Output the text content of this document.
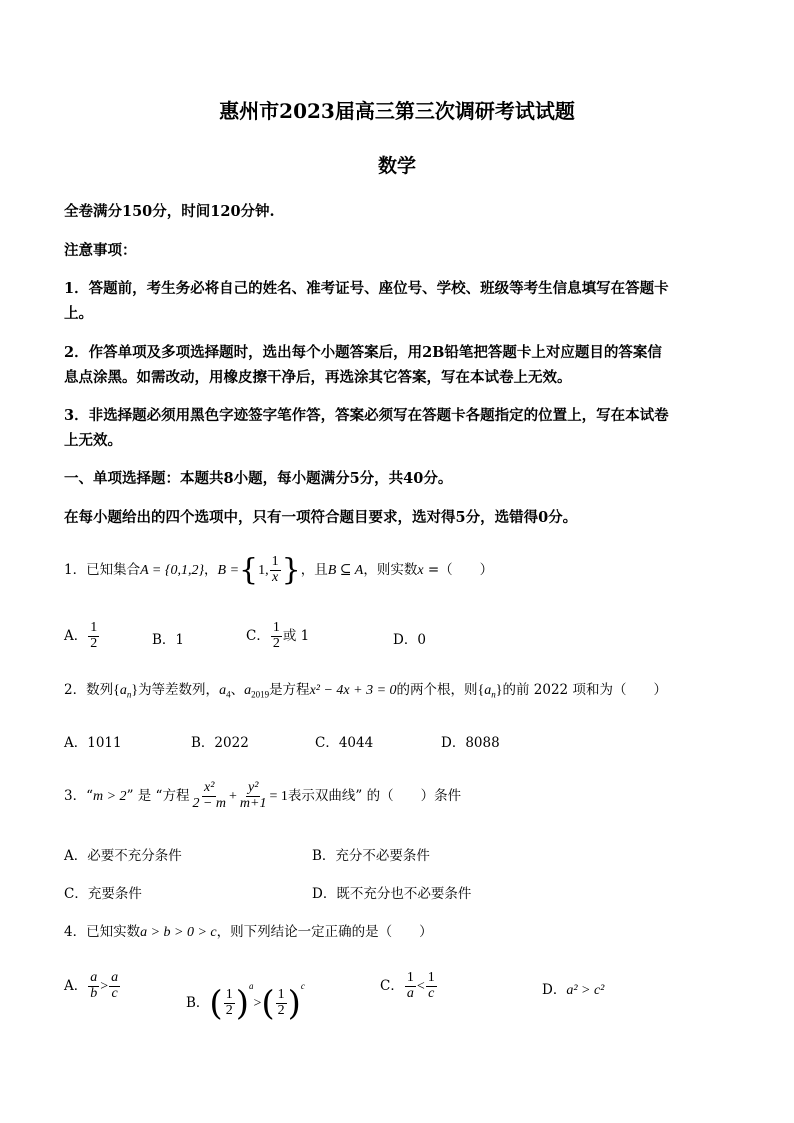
惠州市2023届高三第三次调研考试试题
数学
全卷满分150分，时间120分钟.
注意事项：
1．答题前，考生务必将自己的姓名、准考证号、座位号、学校、班级等考生信息填写在答题卡
上。
2．作答单项及多项选择题时，选出每个小题答案后，用2B铅笔把答题卡上对应题目的答案信
息点涂黑。如需改动，用橡皮擦干净后，再选涂其它答案，写在本试卷上无效。
3．非选择题必须用黑色字迹签字笔作答，答案必须写在答题卡各题指定的位置上，写在本试卷
上无效。
一、单项选择题：本题共8小题，每小题满分5分，共40分。
在每小题给出的四个选项中，只有一项符合题目要求，选对得5分，选错得0分。
1．已知集合A = {0,1,2}，B ={1, $\frac{1}{x}$ }，且B ⊆ A，则实数x =（　　）
A． $\frac{1}{2}$	B．1	C． $\frac{1}{2}$ 或 1	D．0
2．数列$\{a_n\}$为等差数列，$a_4$、$a_{2019}$是方程x² − 4x + 3 = 0的两个根，则$\{a_n\}$的前 2022 项和为（　　）
A．1011	B．2022	C．4044	D．8088
3．“m > 2” 是 “方程 $\frac{\text{x²}}{2 - m} + \frac{\text{y²}}{m+1} = 1$表示双曲线” 的（　　）条件
A．必要不充分条件	B．充分不必要条件
C．充要条件	D．既不充分也不必要条件
4．已知实数a > b > 0 > c，则下列结论一定正确的是（　　）
A． $\frac{a}{b} > \frac{a}{c}$
B．( $\frac{1}{2} )^a>( \frac{1}{2} )^c$	C． $\frac{1}{a} < \frac{1}{c}$	D．a² > c²
